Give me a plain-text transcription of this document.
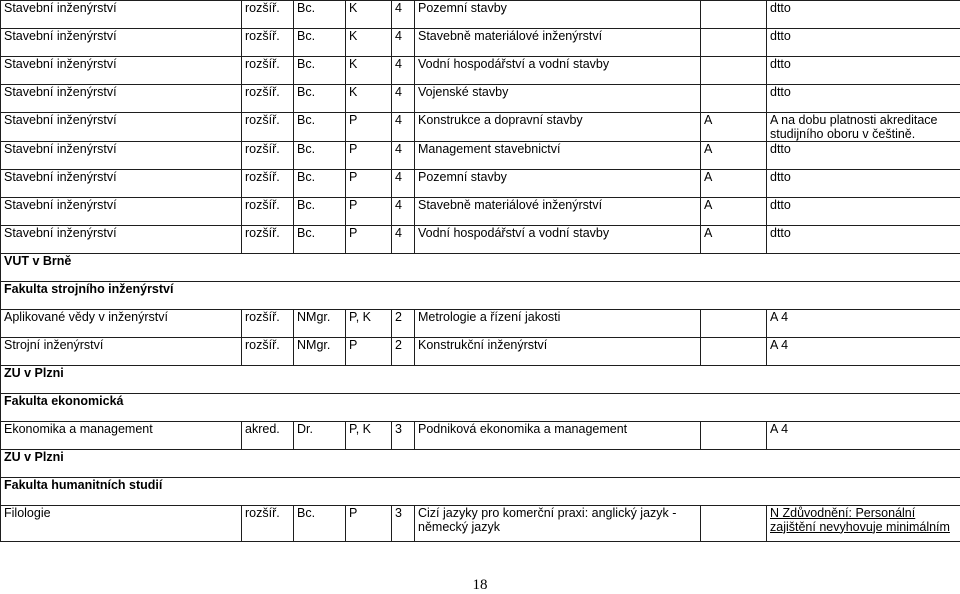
Stavební inženýrství	rozšíř.	Bc.	K	4	Pozemní stavby		dtto
Stavební inženýrství	rozšíř.	Bc.	K	4	Stavebně materiálové inženýrství		dtto
Stavební inženýrství	rozšíř.	Bc.	K	4	Vodní hospodářství a vodní stavby		dtto
Stavební inženýrství	rozšíř.	Bc.	K	4	Vojenské stavby		dtto
Stavební inženýrství	rozšíř.	Bc.	P	4	Konstrukce a dopravní stavby	A	A na dobu platnosti akreditace studijního oboru v češtině.
Stavební inženýrství	rozšíř.	Bc.	P	4	Management stavebnictví	A	dtto
Stavební inženýrství	rozšíř.	Bc.	P	4	Pozemní stavby	A	dtto
Stavební inženýrství	rozšíř.	Bc.	P	4	Stavebně materiálové inženýrství	A	dtto
Stavební inženýrství	rozšíř.	Bc.	P	4	Vodní hospodářství a vodní stavby	A	dtto
VUT v Brně							
Fakulta strojního inženýrství							
Aplikované vědy v inženýrství	rozšíř.	NMgr.	P, K	2	Metrologie a řízení jakosti		A 4
Strojní inženýrství	rozšíř.	NMgr.	P	2	Konstrukční inženýrství		A 4
ZU v Plzni							
Fakulta ekonomická							
Ekonomika a management	akred.	Dr.	P, K	3	Podniková ekonomika a management		A 4
ZU v Plzni							
Fakulta humanitních studií							
Filologie	rozšíř.	Bc.	P	3	Cizí jazyky pro komerční praxi: anglický jazyk - německý jazyk		N Zdůvodnění: Personální zajištění nevyhovuje minimálním
18
